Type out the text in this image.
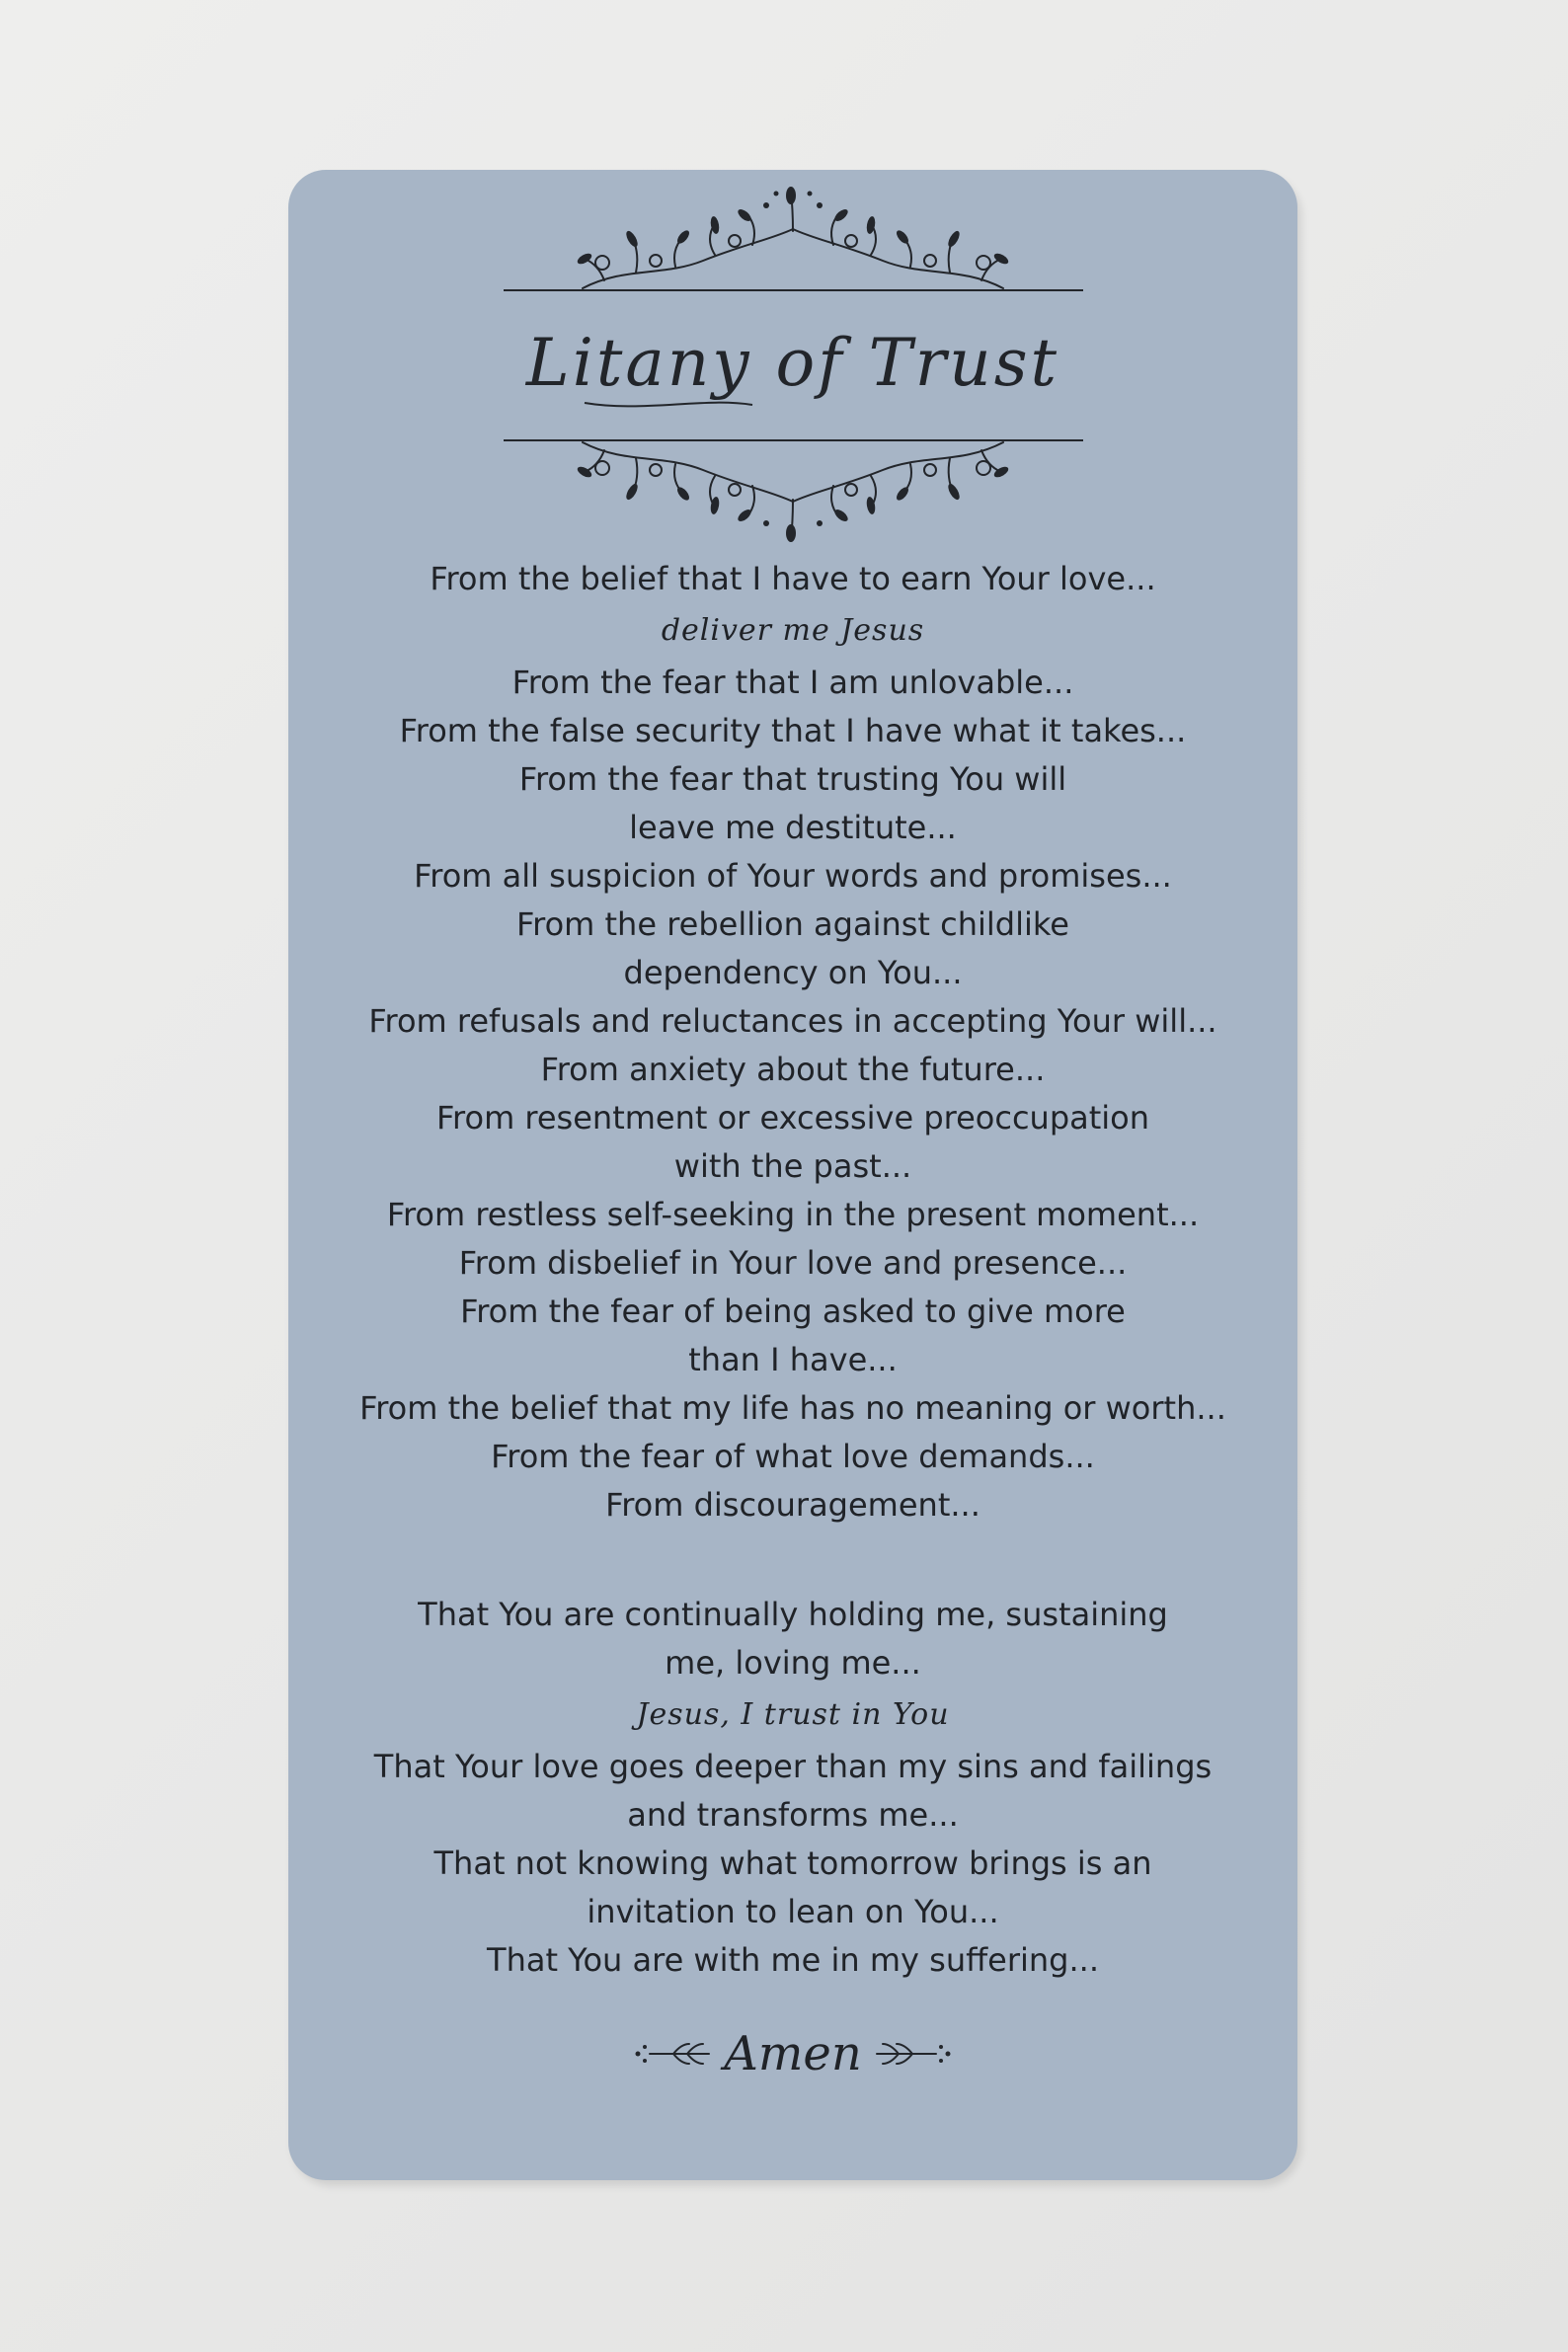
Litany of Trust
From the belief that I have to earn Your love...
deliver me Jesus
From the fear that I am unlovable...
From the false security that I have what it takes...
From the fear that trusting You will
leave me destitute...
From all suspicion of Your words and promises...
From the rebellion against childlike
dependency on You...
From refusals and reluctances in accepting Your will...
From anxiety about the future...
From resentment or excessive preoccupation
with the past...
From restless self-seeking in the present moment...
From disbelief in Your love and presence...
From the fear of being asked to give more
than I have...
From the belief that my life has no meaning or worth...
From the fear of what love demands...
From discouragement...
That You are continually holding me, sustaining
me, loving me...
Jesus, I trust in You
That Your love goes deeper than my sins and failings
and transforms me...
That not knowing what tomorrow brings is an
invitation to lean on You...
That You are with me in my suffering...
Amen
